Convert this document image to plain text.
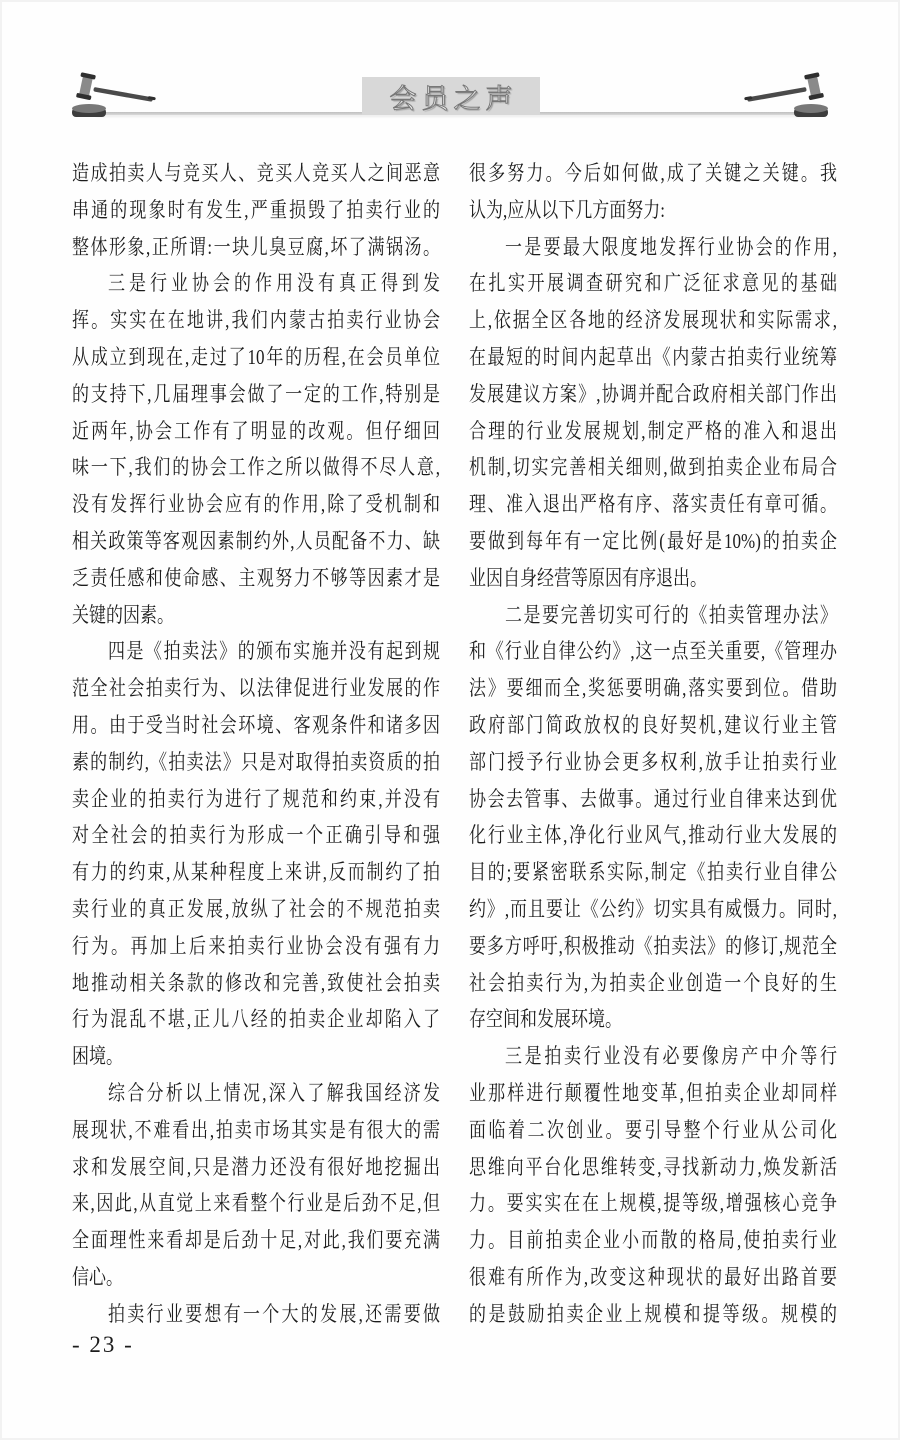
会员之声
造成拍卖人与竞买人、竞买人竞买人之间恶意
串通的现象时有发生,严重损毁了拍卖行业的
整体形象,正所谓:一块儿臭豆腐,坏了满锅汤。
三是行业协会的作用没有真正得到发
挥。实实在在地讲,我们内蒙古拍卖行业协会
从成立到现在,走过了10年的历程,在会员单位
的支持下,几届理事会做了一定的工作,特别是
近两年,协会工作有了明显的改观。但仔细回
味一下,我们的协会工作之所以做得不尽人意,
没有发挥行业协会应有的作用,除了受机制和
相关政策等客观因素制约外,人员配备不力、缺
乏责任感和使命感、主观努力不够等因素才是
关键的因素。
四是《拍卖法》的颁布实施并没有起到规
范全社会拍卖行为、以法律促进行业发展的作
用。由于受当时社会环境、客观条件和诸多因
素的制约,《拍卖法》只是对取得拍卖资质的拍
卖企业的拍卖行为进行了规范和约束,并没有
对全社会的拍卖行为形成一个正确引导和强
有力的约束,从某种程度上来讲,反而制约了拍
卖行业的真正发展,放纵了社会的不规范拍卖
行为。再加上后来拍卖行业协会没有强有力
地推动相关条款的修改和完善,致使社会拍卖
行为混乱不堪,正儿八经的拍卖企业却陷入了
困境。
综合分析以上情况,深入了解我国经济发
展现状,不难看出,拍卖市场其实是有很大的需
求和发展空间,只是潜力还没有很好地挖掘出
来,因此,从直觉上来看整个行业是后劲不足,但
全面理性来看却是后劲十足,对此,我们要充满
信心。
拍卖行业要想有一个大的发展,还需要做
很多努力。今后如何做,成了关键之关键。我
认为,应从以下几方面努力:
一是要最大限度地发挥行业协会的作用,
在扎实开展调查研究和广泛征求意见的基础
上,依据全区各地的经济发展现状和实际需求,
在最短的时间内起草出《内蒙古拍卖行业统筹
发展建议方案》,协调并配合政府相关部门作出
合理的行业发展规划,制定严格的准入和退出
机制,切实完善相关细则,做到拍卖企业布局合
理、准入退出严格有序、落实责任有章可循。
要做到每年有一定比例(最好是10%)的拍卖企
业因自身经营等原因有序退出。
二是要完善切实可行的《拍卖管理办法》
和《行业自律公约》,这一点至关重要,《管理办
法》要细而全,奖惩要明确,落实要到位。借助
政府部门简政放权的良好契机,建议行业主管
部门授予行业协会更多权利,放手让拍卖行业
协会去管事、去做事。通过行业自律来达到优
化行业主体,净化行业风气,推动行业大发展的
目的;要紧密联系实际,制定《拍卖行业自律公
约》,而且要让《公约》切实具有威慑力。同时,
要多方呼吁,积极推动《拍卖法》的修订,规范全
社会拍卖行为,为拍卖企业创造一个良好的生
存空间和发展环境。
三是拍卖行业没有必要像房产中介等行
业那样进行颠覆性地变革,但拍卖企业却同样
面临着二次创业。要引导整个行业从公司化
思维向平台化思维转变,寻找新动力,焕发新活
力。要实实在在上规模,提等级,增强核心竞争
力。目前拍卖企业小而散的格局,使拍卖行业
很难有所作为,改变这种现状的最好出路首要
的是鼓励拍卖企业上规模和提等级。规模的
- 23 -
